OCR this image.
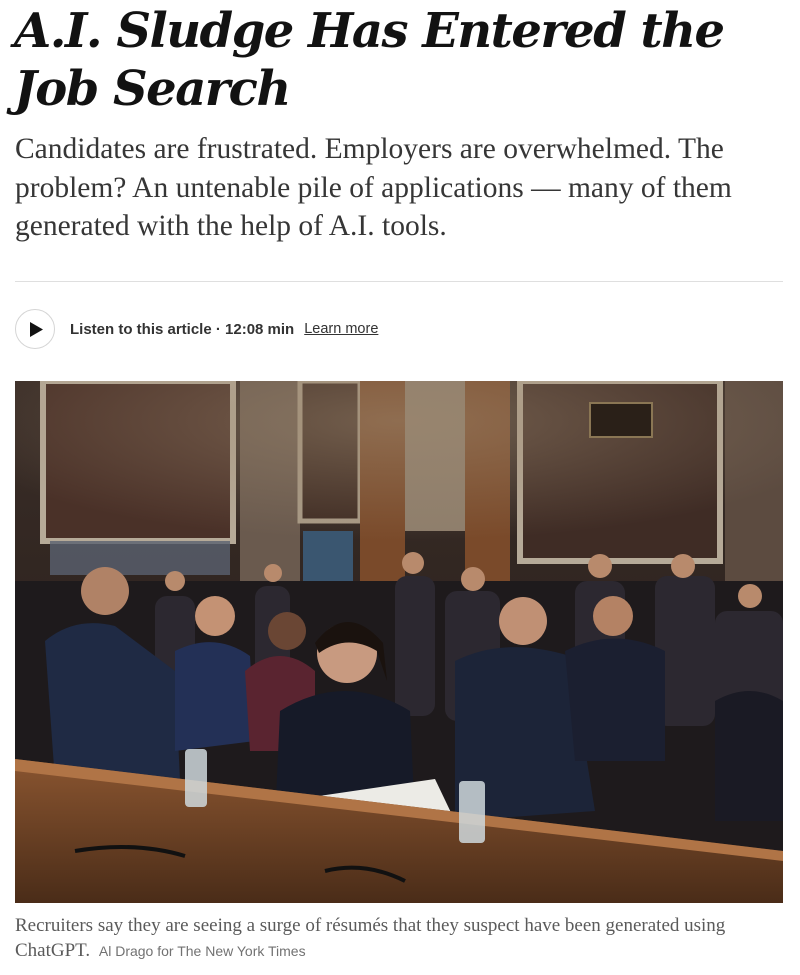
A.I. Sludge Has Entered the Job Search

Candidates are frustrated. Employers are overwhelmed. The problem? An untenable pile of applications — many of them generated with the help of A.I. tools.

Listen to this article · 12:08 min Learn more

Recruiters say they are seeing a surge of résumés that they suspect have been generated using ChatGPT. Al Drago for The New York Times
